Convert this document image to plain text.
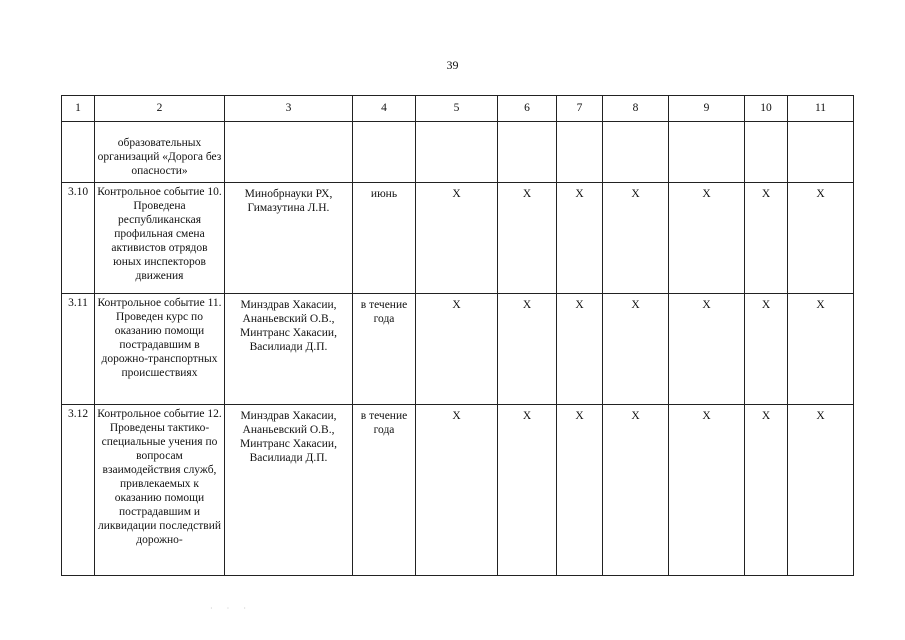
39
1	2	3	4	5	6	7	8	9	10	11
	образовательных организаций «Дорога без опасности»									
3.10	Контрольное событие 10. Проведена республиканская профильная смена активистов отрядов юных инспекторов движения	Минобрнауки РХ, Гимазутина Л.Н.	июнь	Х	Х	Х	Х	Х	Х	Х
3.11	Контрольное событие 11. Проведен курс по оказанию помощи пострадавшим в дорожно-транспортных происшествиях	Минздрав Хакасии, Ананьевский О.В., Минтранс Хакасии, Василиади Д.П.	в течение года	Х	Х	Х	Х	Х	Х	Х
3.12	Контрольное событие 12. Проведены тактико-специальные учения по вопросам взаимодействия служб, привлекаемых к оказанию помощи пострадавшим и ликвидации последствий дорожно-	Минздрав Хакасии, Ананьевский О.В., Минтранс Хакасии, Василиади Д.П.	в течение года	Х	Х	Х	Х	Х	Х	Х
· · ·
